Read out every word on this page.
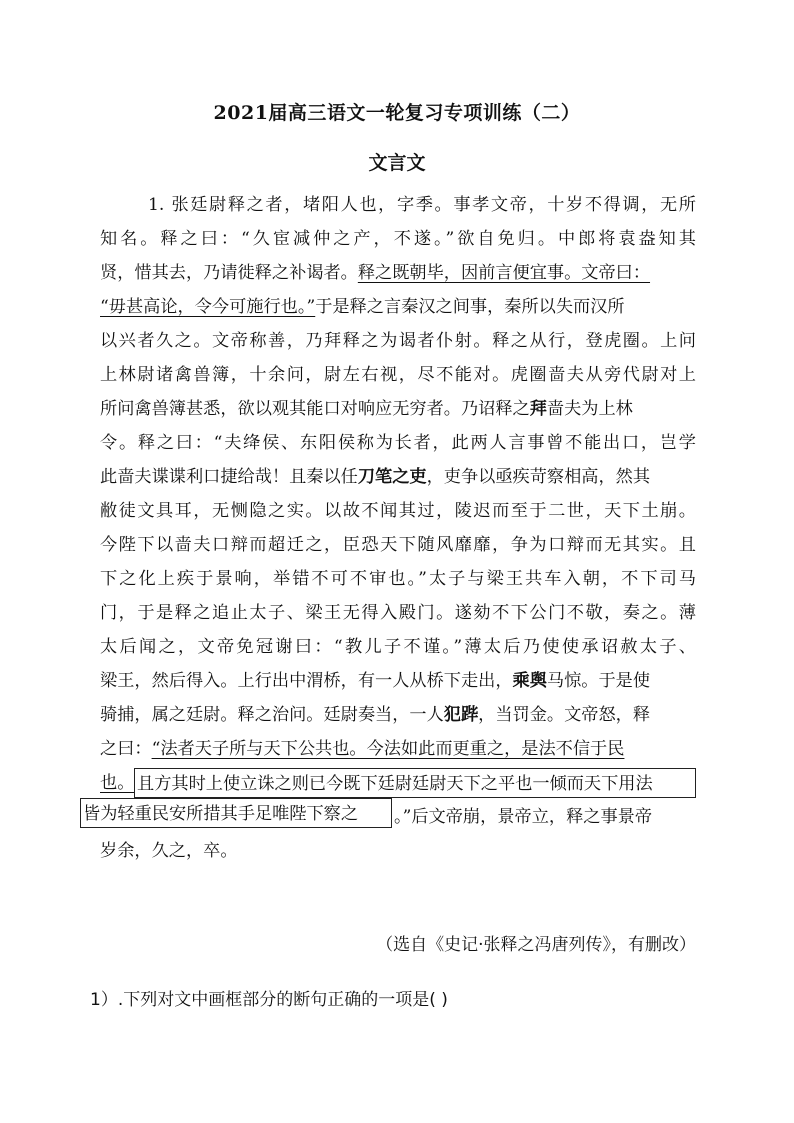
2021届高三语文一轮复习专项训练（二）
文言文
1. 张廷尉释之者，堵阳人也，字季。事孝文帝，十岁不得调，无所
知名。释之曰：“久宦减仲之产，不遂。”欲自免归。中郎将袁盎知其
贤，惜其去，乃请徙释之补谒者。释之既朝毕，因前言便宜事。文帝曰：
“毋甚高论，令今可施行也。”于是释之言秦汉之间事，秦所以失而汉所
以兴者久之。文帝称善，乃拜释之为谒者仆射。释之从行，登虎圈。上问
上林尉诸禽兽簿，十余问，尉左右视，尽不能对。虎圈啬夫从旁代尉对上
所问禽兽簿甚悉，欲以观其能口对响应无穷者。乃诏释之拜啬夫为上林
令。释之曰：“夫绛侯、东阳侯称为长者，此两人言事曾不能出口，岂学
此啬夫谍谍利口捷给哉！且秦以任刀笔之吏，吏争以亟疾苛察相高，然其
敝徒文具耳，无恻隐之实。以故不闻其过，陵迟而至于二世，天下土崩。
今陛下以啬夫口辩而超迁之，臣恐天下随风靡靡，争为口辩而无其实。且
下之化上疾于景响，举错不可不审也。”太子与梁王共车入朝，不下司马
门，于是释之追止太子、梁王无得入殿门。遂劾不下公门不敬，奏之。薄
太后闻之，文帝免冠谢曰：“教儿子不谨。”薄太后乃使使承诏赦太子、
梁王，然后得入。上行出中渭桥，有一人从桥下走出，乘舆马惊。于是使
骑捕，属之廷尉。释之治问。廷尉奏当，一人犯跸，当罚金。文帝怒，释
之曰：“法者天子所与天下公共也。今法如此而更重之，是法不信于民
也。 且方其时上使立诛之则已今既下廷尉廷尉天下之平也一倾而天下用法
皆为轻重民安所措其手足唯陛下察之	。”后文帝崩，景帝立，释之事景帝
岁余，久之，卒。
（选自《史记·张释之冯唐列传》，有删改）
1）.下列对文中画框部分的断句正确的一项是( )
